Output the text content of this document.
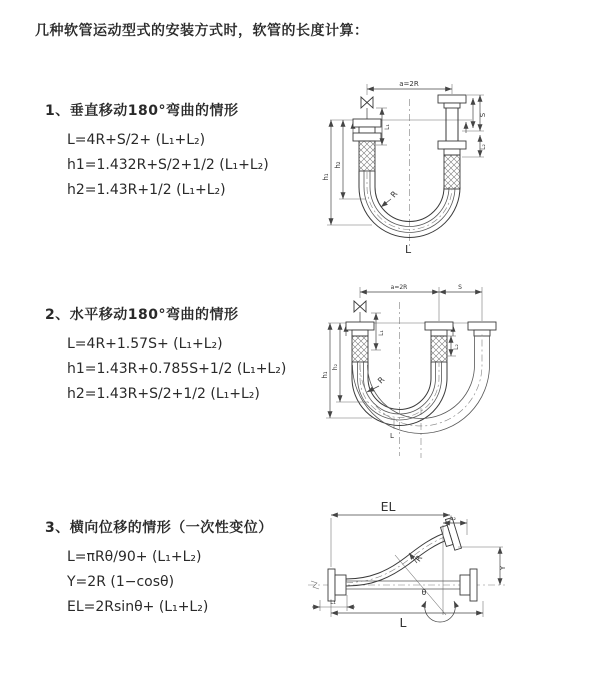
几种软管运动型式的安装方式时，软管的长度计算：
1、垂直移动180°弯曲的情形
L=4R+S/2+ (L₁+L₂)
h1=1.432R+S/2+1/2 (L₁+L₂)
h2=1.43R+1/2 (L₁+L₂)
2、水平移动180°弯曲的情形
L=4R+1.57S+ (L₁+L₂)
h1=1.43R+0.785S+1/2 (L₁+L₂)
h2=1.43R+S/2+1/2 (L₁+L₂)
3、横向位移的情形（一次性变位）
L=πRθ/90+ (L₁+L₂)
Y=2R (1−cosθ)
EL=2Rsinθ+ (L₁+L₂)
a=2R
R
h₁
h₂
L₁
S
L₂
L
a=2R	S
h₁
h₂
L₁
L₂
R
L
EL
L₂
Y
θ
R
L
L₁
